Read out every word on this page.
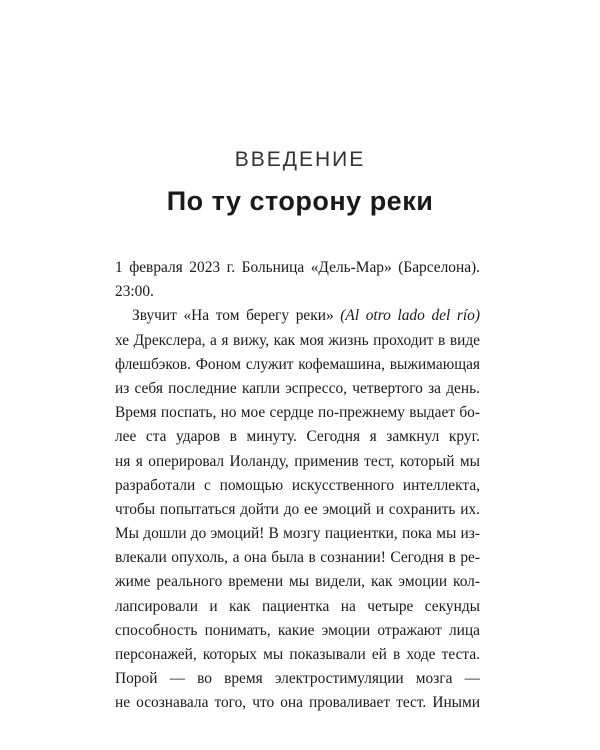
ВВЕДЕНИЕ
По ту сторону реки
1 февраля 2023 г. Больница «Дель-Мар» (Барселона).
23:00.
Звучит «На том берегу реки» (Al otro lado del río)
хе Дрекслера, а я вижу, как моя жизнь проходит в виде
флешбэков. Фоном служит кофемашина, выжимающая
из себя последние капли эспрессо, четвертого за день.
Время поспать, но мое сердце по-прежнему выдает бо-
лее ста ударов в минуту. Сегодня я замкнул круг.
ня я оперировал Иоланду, применив тест, который мы
разработали с помощью искусственного интеллекта,
чтобы попытаться дойти до ее эмоций и сохранить их.
Мы дошли до эмоций! В мозгу пациентки, пока мы из-
влекали опухоль, а она была в сознании! Сегодня в ре-
жиме реального времени мы видели, как эмоции кол-
лапсировали и как пациентка на четыре секунды
способность понимать, какие эмоции отражают лица
персонажей, которых мы показывали ей в ходе теста.
Порой — во время электростимуляции мозга —
не осознавала того, что она проваливает тест. Иными
